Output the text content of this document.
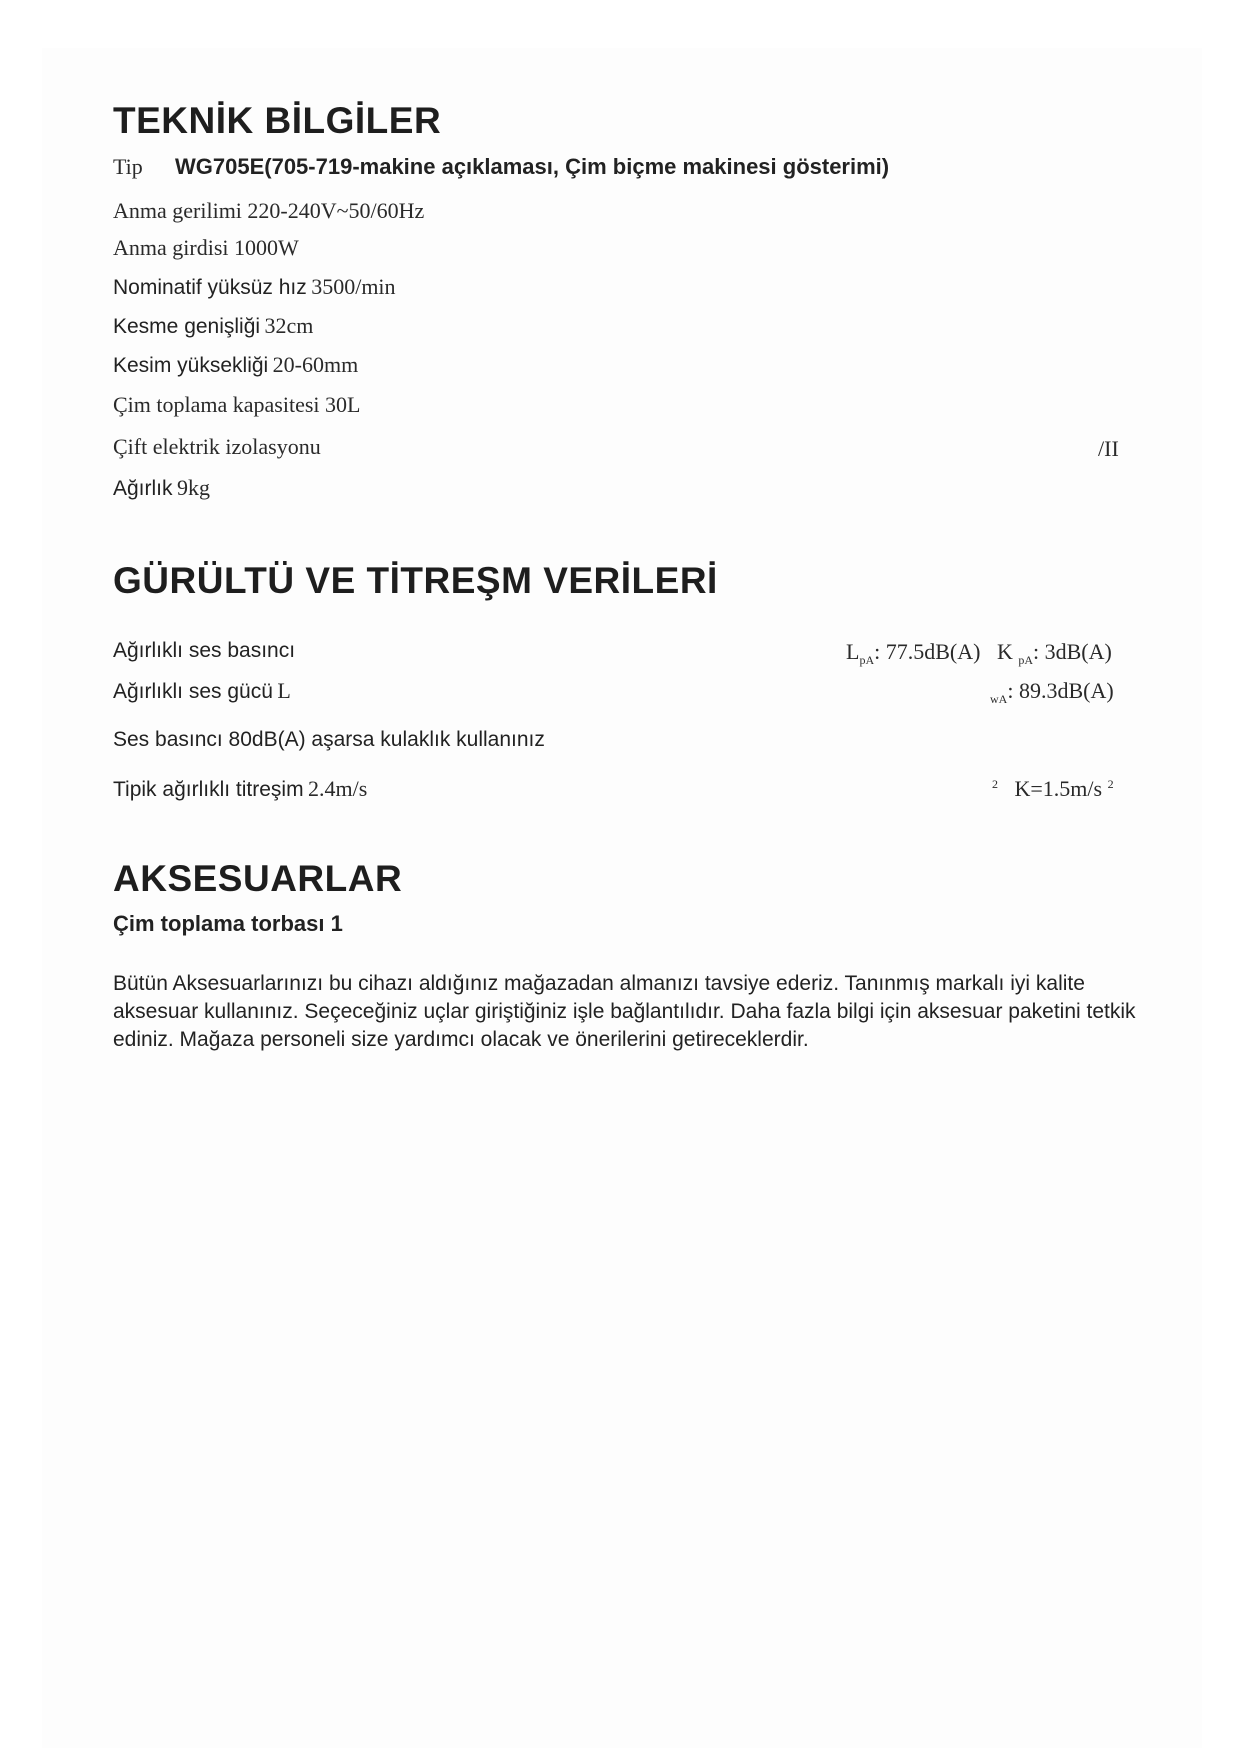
TEKNİK BİLGİLER
Tip WG705E(705-719-makine açıklaması, Çim biçme makinesi gösterimi)
Anma gerilimi 220-240V~50/60Hz
Anma girdisi 1000W
Nominatif yüksüz hız 3500/min
Kesme genişliği 32cm
Kesim yüksekliği 20-60mm
Çim toplama kapasitesi 30L
Çift elektrik izolasyonu	/II
Ağırlık 9kg
GÜRÜLTÜ VE TİTREŞM VERİLERİ
Ağırlıklı ses basıncı	$L_{pA}$: 77.5dB(A) K $_{pA}$: 3dB(A)
Ağırlıklı ses gücü L	$_{wA}$: 89.3dB(A)
Ses basıncı 80dB(A) aşarsa kulaklık kullanınız
Tipik ağırlıklı titreşim 2.4m/s	$^2$ K=1.5m/s $^2$
AKSESUARLAR
Çim toplama torbası 1
Bütün Aksesuarlarınızı bu cihazı aldığınız mağazadan almanızı tavsiye ederiz. Tanınmış markalı iyi kalite aksesuar kullanınız. Seçeceğiniz uçlar giriştiğiniz işle bağlantılıdır. Daha fazla bilgi için aksesuar paketini tetkik ediniz. Mağaza personeli size yardımcı olacak ve önerilerini getireceklerdir.
